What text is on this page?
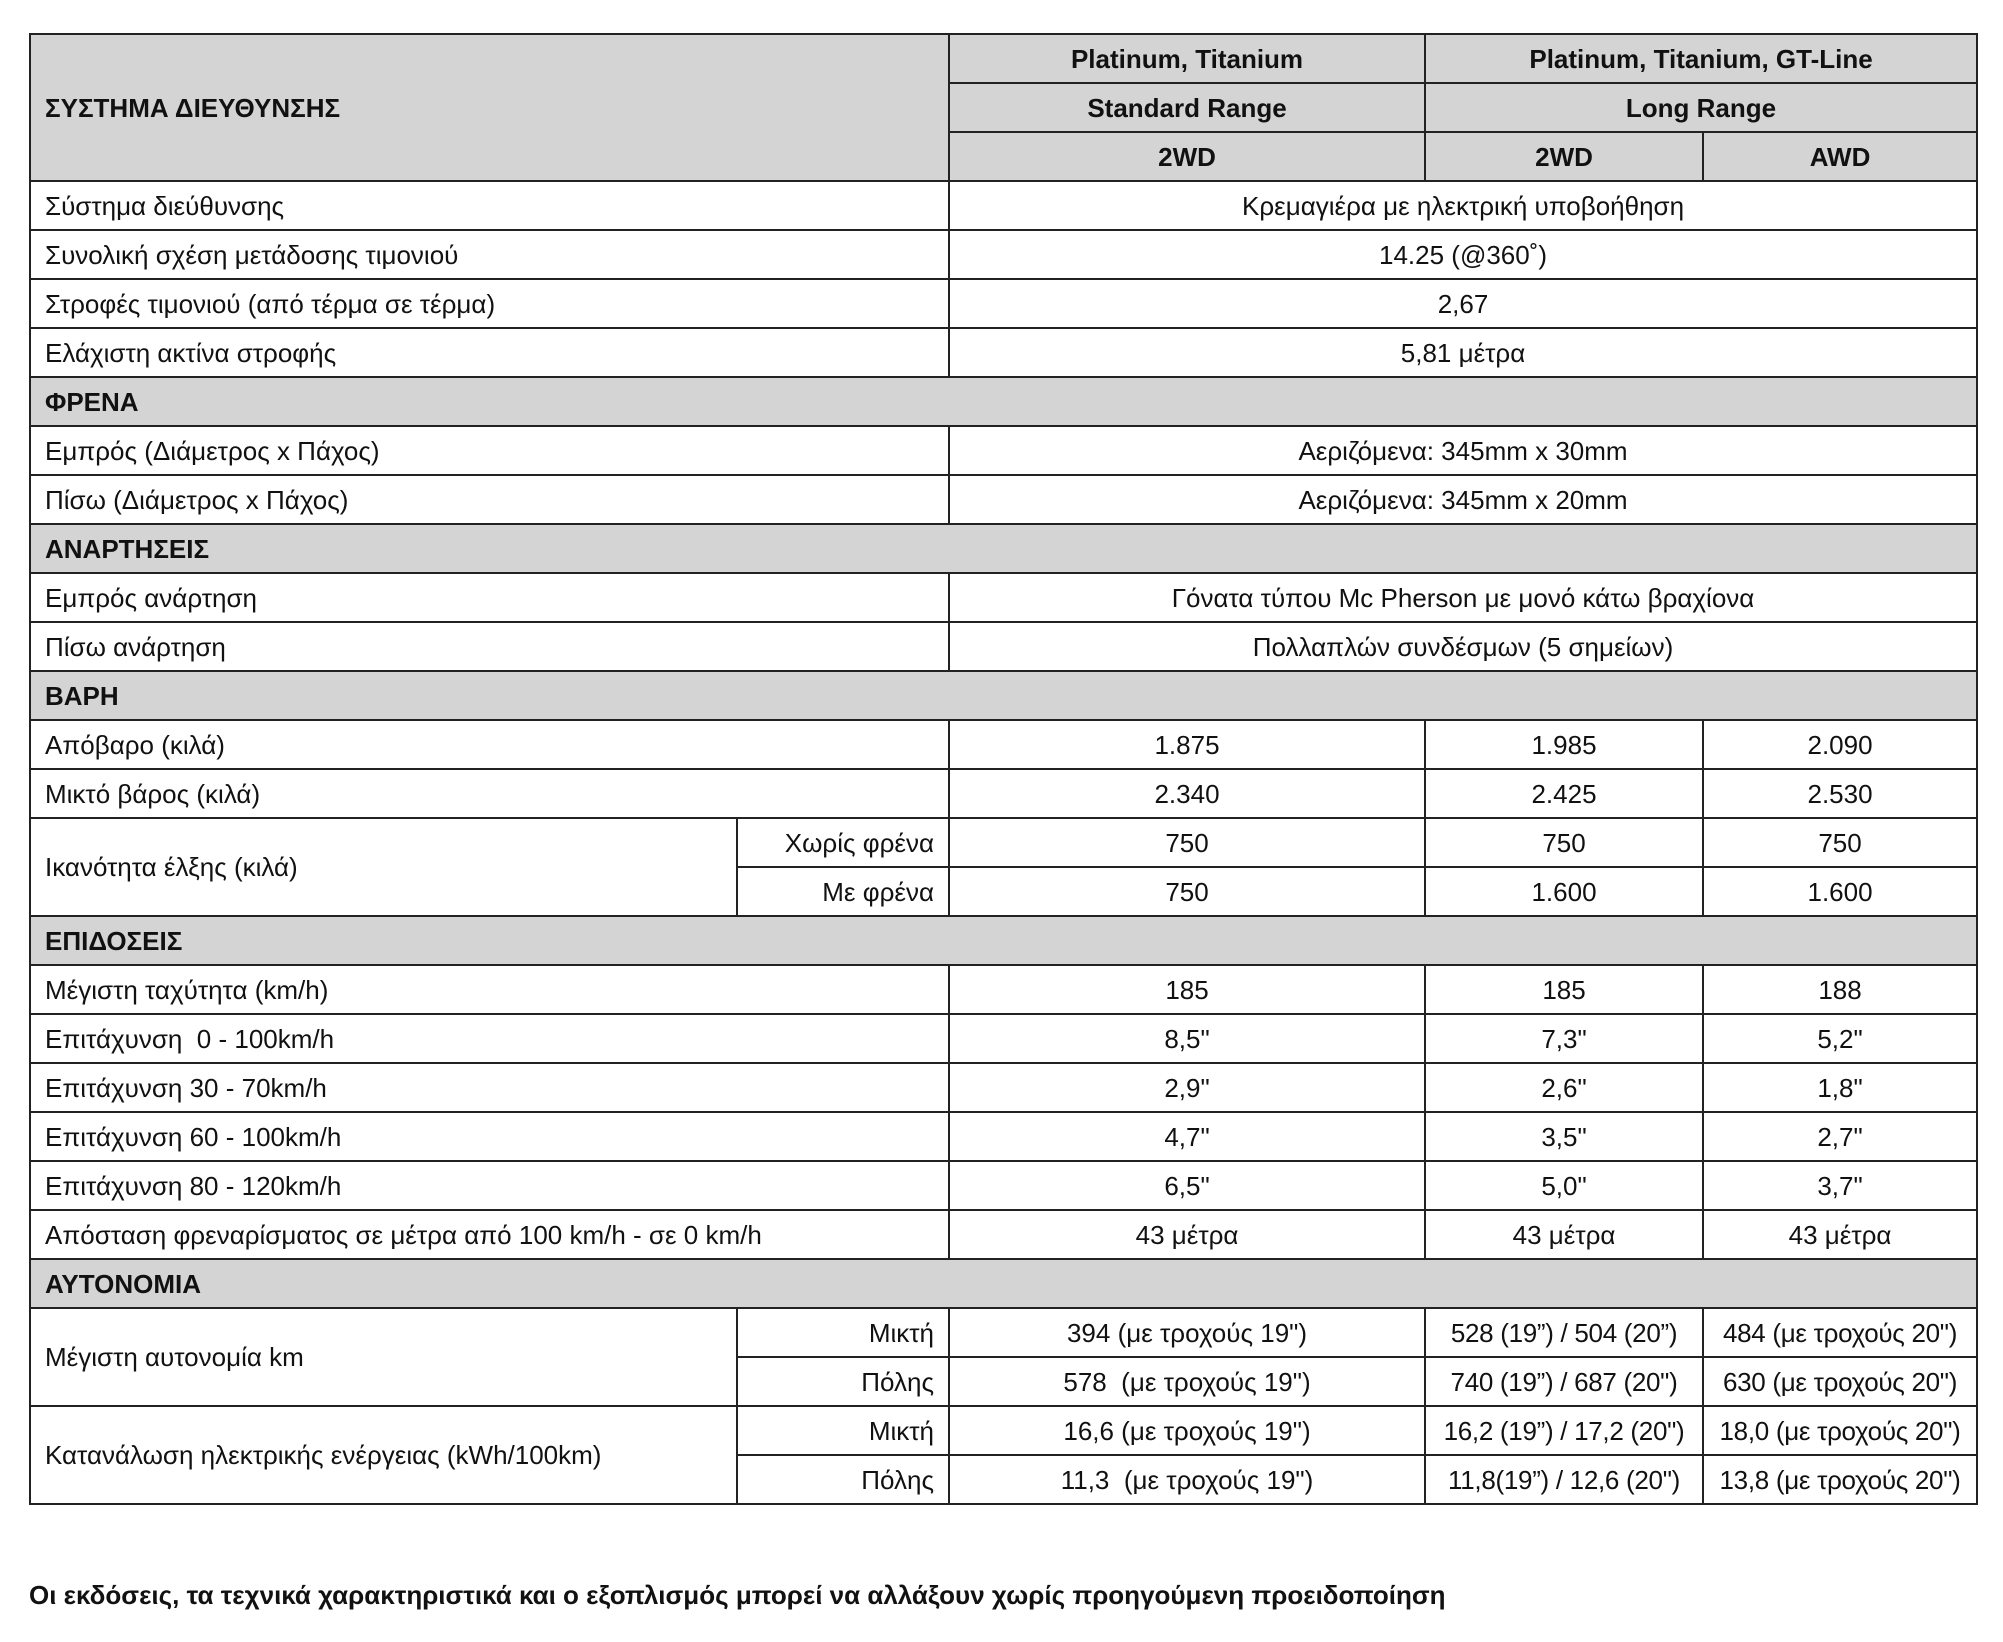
ΣΥΣΤΗΜΑ ΔΙΕΥΘΥΝΣΗΣ		Platinum, Titanium	Platinum, Titanium, GT-Line	
		Standard Range	Long Range	
		2WD	2WD	AWD
Σύστημα διεύθυνσης		Κρεμαγιέρα με ηλεκτρική υποβοήθηση		
Συνολική σχέση μετάδοσης τιμονιού		14.25 (@360˚)		
Στροφές τιμονιού (από τέρμα σε τέρμα)		2,67		
Ελάχιστη ακτίνα στροφής		5,81 μέτρα		
ΦΡΕΝΑ				
Εμπρός (Διάμετρος x Πάχος)		Αεριζόμενα: 345mm x 30mm		
Πίσω (Διάμετρος x Πάχος)		Αεριζόμενα: 345mm x 20mm		
ΑΝΑΡΤΗΣΕΙΣ				
Εμπρός ανάρτηση		Γόνατα τύπου Mc Pherson με μονό κάτω βραχίονα		
Πίσω ανάρτηση		Πολλαπλών συνδέσμων (5 σημείων)		
ΒΑΡΗ				
Απόβαρο (κιλά)		1.875	1.985	2.090
Μικτό βάρος (κιλά)		2.340	2.425	2.530
Ικανότητα έλξης (κιλά)	Χωρίς φρένα	750	750	750
	Με φρένα	750	1.600	1.600
ΕΠΙΔΟΣΕΙΣ				
Μέγιστη ταχύτητα (km/h)		185	185	188
Επιτάχυνση  0 - 100km/h		8,5"	7,3"	5,2"
Επιτάχυνση 30 - 70km/h		2,9"	2,6"	1,8"
Επιτάχυνση 60 - 100km/h		4,7"	3,5"	2,7"
Επιτάχυνση 80 - 120km/h		6,5"	5,0"	3,7"
Απόσταση φρεναρίσματος σε μέτρα από 100 km/h - σε 0 km/h		43 μέτρα	43 μέτρα	43 μέτρα
ΑΥΤΟΝΟΜΙΑ				
Μέγιστη αυτονομία km	Μικτή	394 (με τροχούς 19")	528 (19”) / 504 (20”)	484 (με τροχούς 20")
	Πόλης	578  (με τροχούς 19")	740 (19”) / 687 (20")	630 (με τροχούς 20")
Κατανάλωση ηλεκτρικής ενέργειας (kWh/100km)	Μικτή	16,6 (με τροχούς 19")	16,2 (19”) / 17,2 (20")	18,0 (με τροχούς 20")
	Πόλης	11,3  (με τροχούς 19")	11,8(19”) / 12,6 (20")	13,8 (με τροχούς 20")
Οι εκδόσεις, τα τεχνικά χαρακτηριστικά και ο εξοπλισμός μπορεί να αλλάξουν χωρίς προηγούμενη προειδοποίηση
